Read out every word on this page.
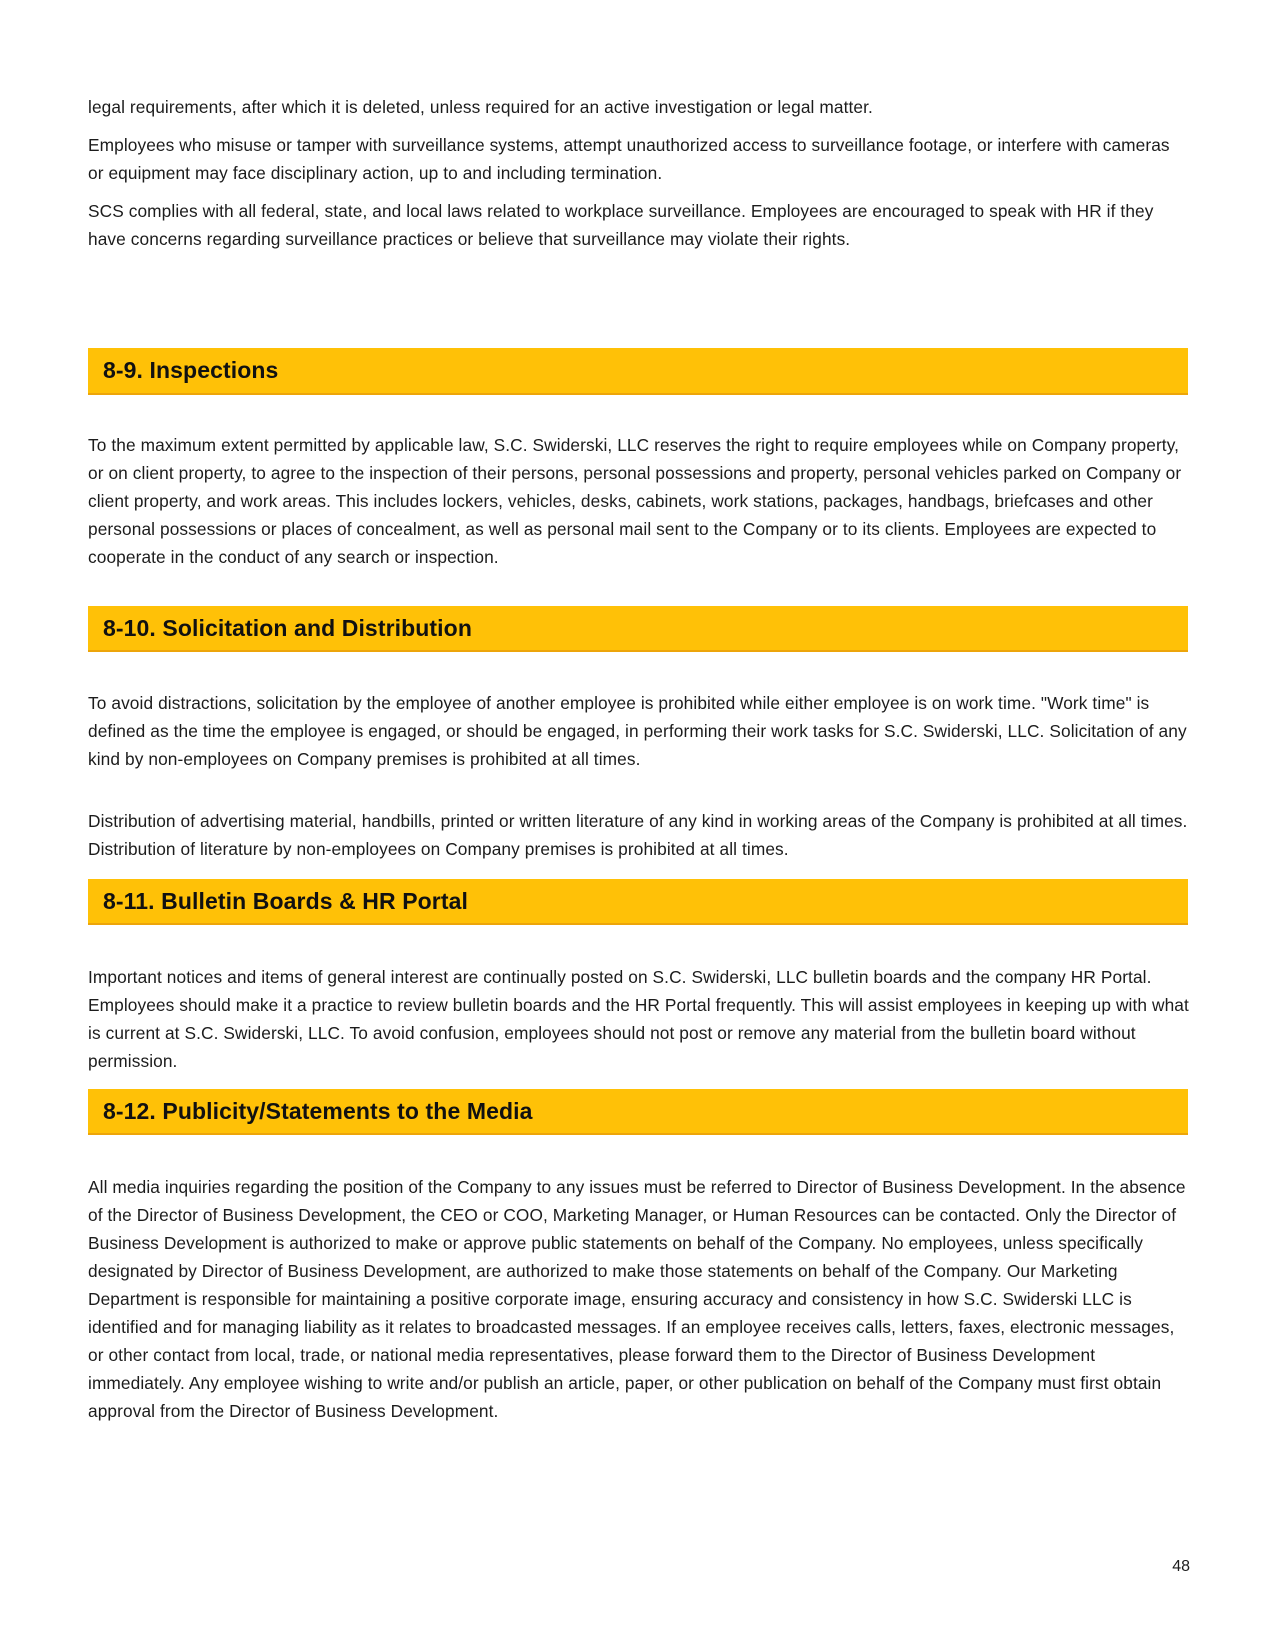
legal requirements, after which it is deleted, unless required for an active investigation or legal matter.

Employees who misuse or tamper with surveillance systems, attempt unauthorized access to surveillance footage, or interfere with cameras or equipment may face disciplinary action, up to and including termination.

SCS complies with all federal, state, and local laws related to workplace surveillance. Employees are encouraged to speak with HR if they have concerns regarding surveillance practices or believe that surveillance may violate their rights.

8-9. Inspections

To the maximum extent permitted by applicable law, S.C. Swiderski, LLC reserves the right to require employees while on Company property, or on client property, to agree to the inspection of their persons, personal possessions and property, personal vehicles parked on Company or client property, and work areas. This includes lockers, vehicles, desks, cabinets, work stations, packages, handbags, briefcases and other personal possessions or places of concealment, as well as personal mail sent to the Company or to its clients. Employees are expected to cooperate in the conduct of any search or inspection.

8-10. Solicitation and Distribution

To avoid distractions, solicitation by the employee of another employee is prohibited while either employee is on work time. "Work time" is defined as the time the employee is engaged, or should be engaged, in performing their work tasks for S.C. Swiderski, LLC. Solicitation of any kind by non-employees on Company premises is prohibited at all times.

Distribution of advertising material, handbills, printed or written literature of any kind in working areas of the Company is prohibited at all times. Distribution of literature by non-employees on Company premises is prohibited at all times.

8-11. Bulletin Boards & HR Portal

Important notices and items of general interest are continually posted on S.C. Swiderski, LLC bulletin boards and the company HR Portal. Employees should make it a practice to review bulletin boards and the HR Portal frequently. This will assist employees in keeping up with what is current at S.C. Swiderski, LLC. To avoid confusion, employees should not post or remove any material from the bulletin board without permission.

8-12. Publicity/Statements to the Media

All media inquiries regarding the position of the Company to any issues must be referred to Director of Business Development. In the absence of the Director of Business Development, the CEO or COO, Marketing Manager, or Human Resources can be contacted. Only the Director of Business Development is authorized to make or approve public statements on behalf of the Company. No employees, unless specifically designated by Director of Business Development, are authorized to make those statements on behalf of the Company. Our Marketing Department is responsible for maintaining a positive corporate image, ensuring accuracy and consistency in how S.C. Swiderski LLC is identified and for managing liability as it relates to broadcasted messages. If an employee receives calls, letters, faxes, electronic messages, or other contact from local, trade, or national media representatives, please forward them to the Director of Business Development immediately. Any employee wishing to write and/or publish an article, paper, or other publication on behalf of the Company must first obtain approval from the Director of Business Development.

48
